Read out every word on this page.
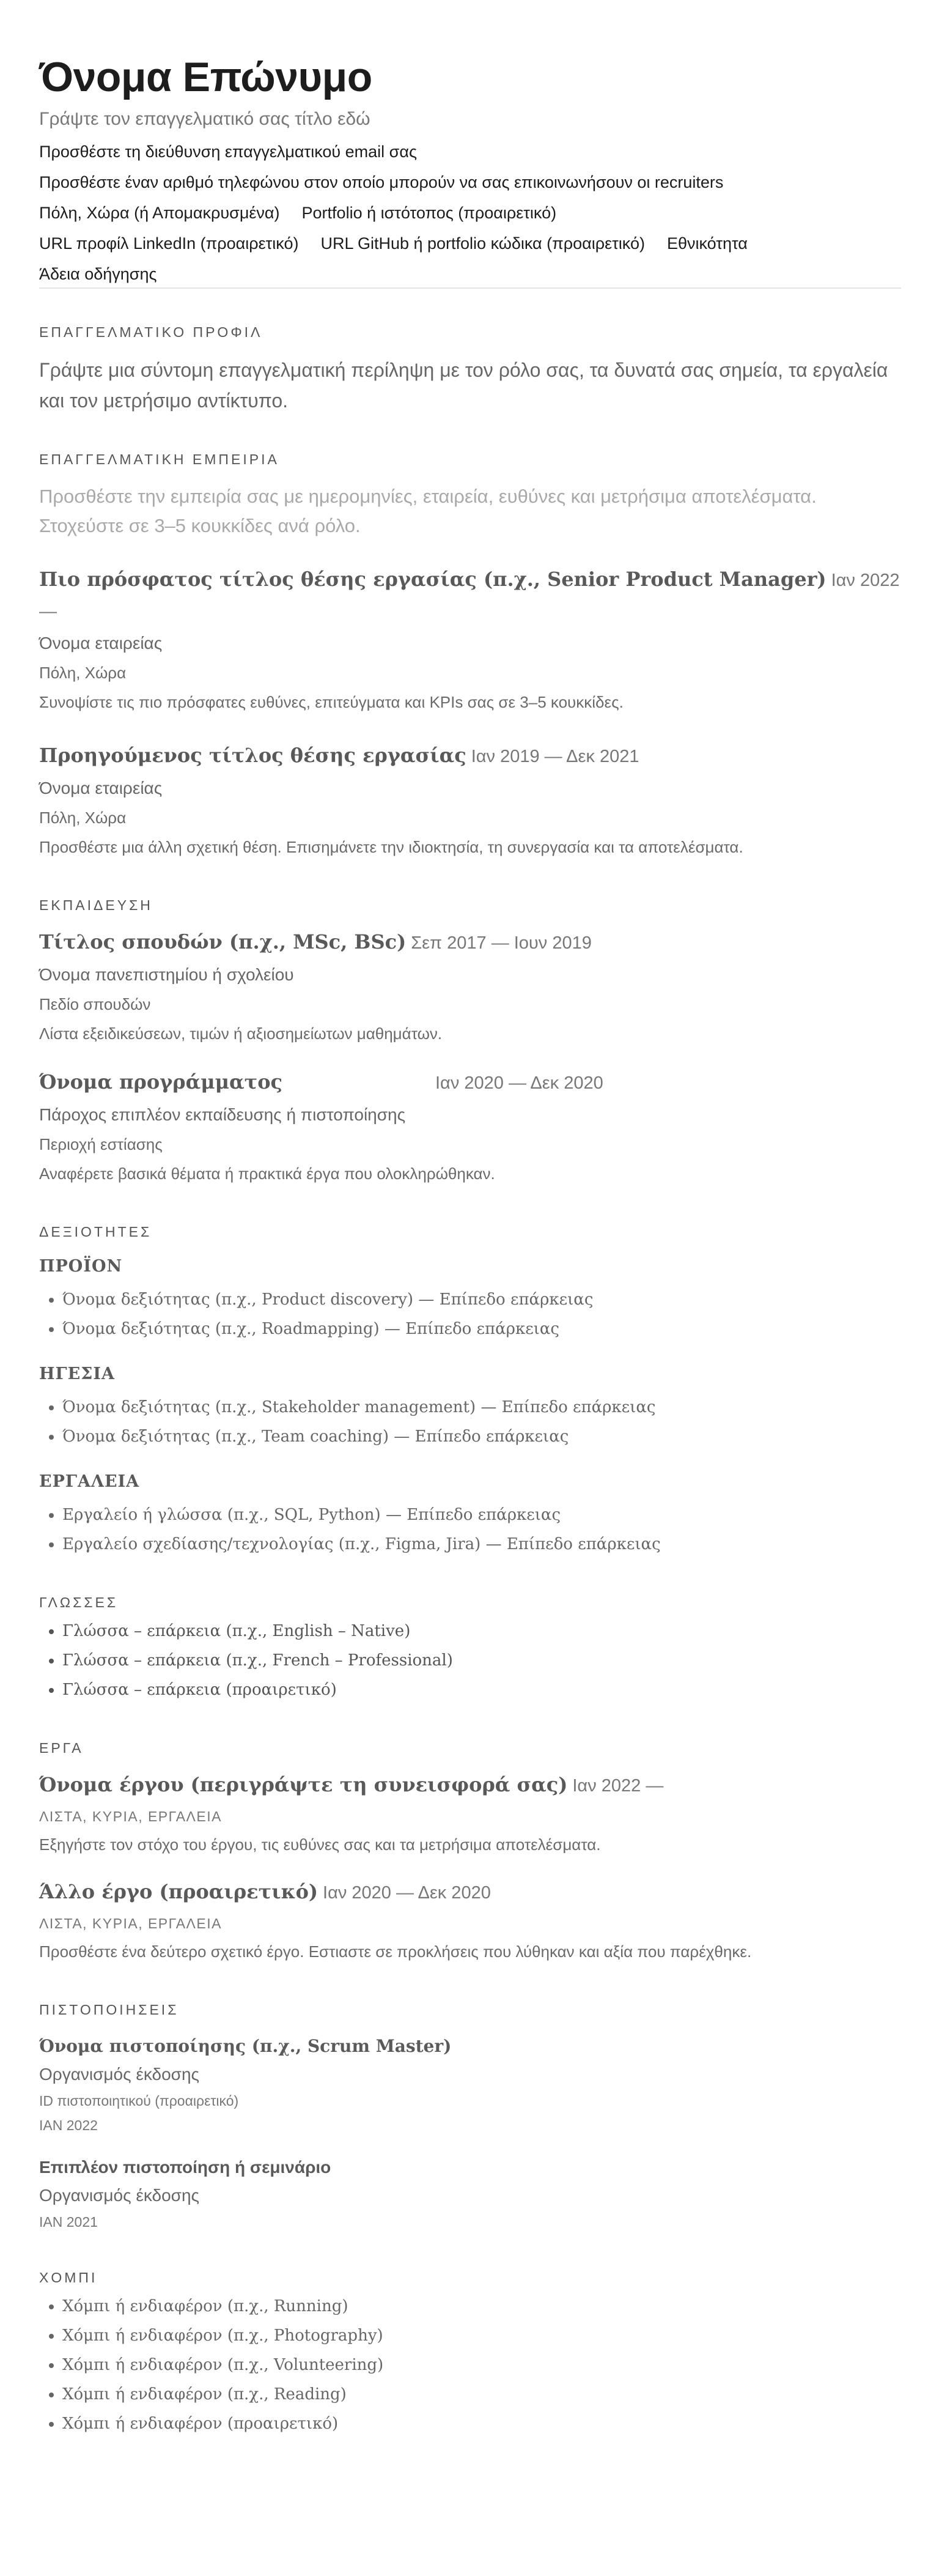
Όνομα Επώνυμο
Γράψτε τον επαγγελματικό σας τίτλο εδώ
Προσθέστε τη διεύθυνση επαγγελματικού email σας
Προσθέστε έναν αριθμό τηλεφώνου στον οποίο μπορούν να σας επικοινωνήσουν οι recruiters
Πόλη, Χώρα (ή Απομακρυσμένα) Portfolio ή ιστότοπος (προαιρετικό)
URL προφίλ LinkedIn (προαιρετικό) URL GitHub ή portfolio κώδικα (προαιρετικό) Εθνικότητα
Άδεια οδήγησης
ΕΠΑΓΓΕΛΜΑΤΙΚΟ ΠΡΟΦΙΛ
Γράψτε μια σύντομη επαγγελματική περίληψη με τον ρόλο σας, τα δυνατά σας σημεία, τα εργαλεία και τον μετρήσιμο αντίκτυπο.
ΕΠΑΓΓΕΛΜΑΤΙΚΗ ΕΜΠΕΙΡΙΑ
Προσθέστε την εμπειρία σας με ημερομηνίες, εταιρεία, ευθύνες και μετρήσιμα αποτελέσματα. Στοχεύστε σε 3–5 κουκκίδες ανά ρόλο.
Πιο πρόσφατος τίτλος θέσης εργασίας (π.χ., Senior Product Manager) Ιαν 2022 —
Όνομα εταιρείας
Πόλη, Χώρα
Συνοψίστε τις πιο πρόσφατες ευθύνες, επιτεύγματα και KPIs σας σε 3–5 κουκκίδες.
Προηγούμενος τίτλος θέσης εργασίας Ιαν 2019 — Δεκ 2021
Όνομα εταιρείας
Πόλη, Χώρα
Προσθέστε μια άλλη σχετική θέση. Επισημάνετε την ιδιοκτησία, τη συνεργασία και τα αποτελέσματα.
ΕΚΠΑΙΔΕΥΣΗ
Τίτλος σπουδών (π.χ., MSc, BSc) Σεπ 2017 — Ιουν 2019
Όνομα πανεπιστημίου ή σχολείου
Πεδίο σπουδών
Λίστα εξειδικεύσεων, τιμών ή αξιοσημείωτων μαθημάτων.
Όνομα προγράμματος	Ιαν 2020 — Δεκ 2020
Πάροχος επιπλέον εκπαίδευσης ή πιστοποίησης
Περιοχή εστίασης
Αναφέρετε βασικά θέματα ή πρακτικά έργα που ολοκληρώθηκαν.
ΔΕΞΙΟΤΗΤΕΣ
ΠΡΟΪΟΝ
• Όνομα δεξιότητας (π.χ., Product discovery) — Επίπεδο επάρκειας
• Όνομα δεξιότητας (π.χ., Roadmapping) — Επίπεδο επάρκειας
ΗΓΕΣΙΑ
• Όνομα δεξιότητας (π.χ., Stakeholder management) — Επίπεδο επάρκειας
• Όνομα δεξιότητας (π.χ., Team coaching) — Επίπεδο επάρκειας
ΕΡΓΑΛΕΙΑ
• Εργαλείο ή γλώσσα (π.χ., SQL, Python) — Επίπεδο επάρκειας
• Εργαλείο σχεδίασης/τεχνολογίας (π.χ., Figma, Jira) — Επίπεδο επάρκειας
ΓΛΩΣΣΕΣ
• Γλώσσα – επάρκεια (π.χ., English – Native)
• Γλώσσα – επάρκεια (π.χ., French – Professional)
• Γλώσσα – επάρκεια (προαιρετικό)
ΕΡΓΑ
Όνομα έργου (περιγράψτε τη συνεισφορά σας) Ιαν 2022 —
ΛΙΣΤΑ, ΚΥΡΙΑ, ΕΡΓΑΛΕΙΑ
Εξηγήστε τον στόχο του έργου, τις ευθύνες σας και τα μετρήσιμα αποτελέσματα.
Άλλο έργο (προαιρετικό) Ιαν 2020 — Δεκ 2020
ΛΙΣΤΑ, ΚΥΡΙΑ, ΕΡΓΑΛΕΙΑ
Προσθέστε ένα δεύτερο σχετικό έργο. Εστιαστε σε προκλήσεις που λύθηκαν και αξία που παρέχθηκε.
ΠΙΣΤΟΠΟΙΗΣΕΙΣ
Όνομα πιστοποίησης (π.χ., Scrum Master)
Οργανισμός έκδοσης
ID πιστοποιητικού (προαιρετικό)
ΙΑΝ 2022
Επιπλέον πιστοποίηση ή σεμινάριο
Οργανισμός έκδοσης
ΙΑΝ 2021
ΧΟΜΠΙ
• Χόμπι ή ενδιαφέρον (π.χ., Running)
• Χόμπι ή ενδιαφέρον (π.χ., Photography)
• Χόμπι ή ενδιαφέρον (π.χ., Volunteering)
• Χόμπι ή ενδιαφέρον (π.χ., Reading)
• Χόμπι ή ενδιαφέρον (προαιρετικό)
